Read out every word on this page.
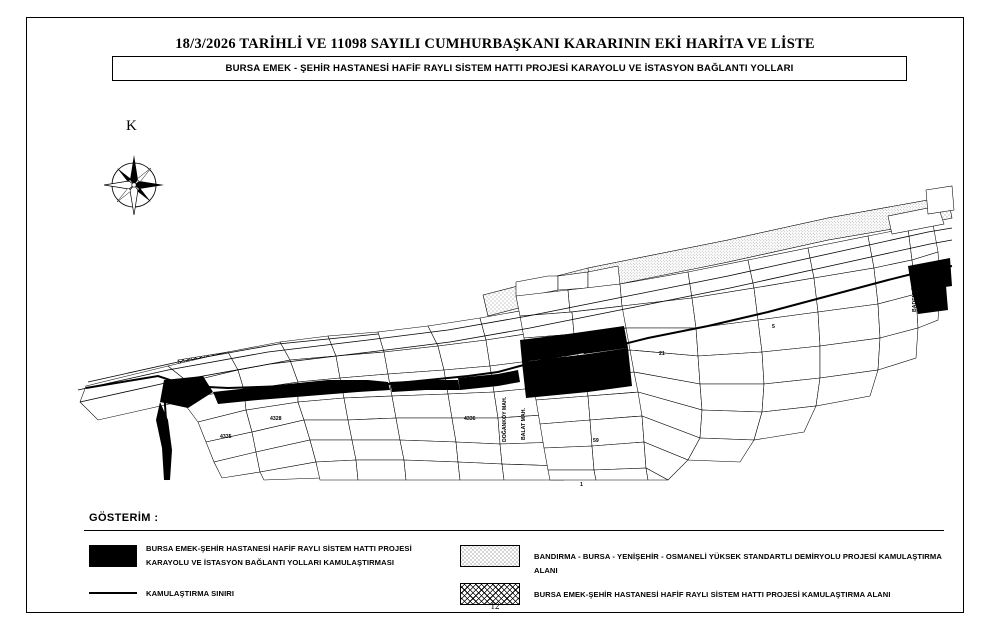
18/3/2026 TARİHLİ VE 11098 SAYILI CUMHURBAŞKANI KARARININ EKİ HARİTA VE LİSTE
BURSA EMEK - ŞEHİR HASTANESİ HAFİF RAYLI SİSTEM HATTI PROJESİ KARAYOLU VE İSTASYON BAĞLANTI YOLLARI
K
DOĞANKÖY MAH.	BALAT MAH.
BADEMLİ MAH.
4335
4328	4336
59
21
5
1
GÖSTERİM :
BURSA EMEK-ŞEHİR HASTANESİ HAFİF RAYLI SİSTEM HATTI PROJESİ
KARAYOLU VE İSTASYON BAĞLANTI YOLLARI KAMULAŞTIRMASI
KAMULAŞTIRMA SINIRI
BANDIRMA - BURSA - YENİŞEHİR - OSMANELİ YÜKSEK STANDARTLI DEMİRYOLU PROJESİ KAMULAŞTIRMA ALANI
BURSA EMEK-ŞEHİR HASTANESİ HAFİF RAYLI SİSTEM HATTI PROJESİ KAMULAŞTIRMA ALANI
12
